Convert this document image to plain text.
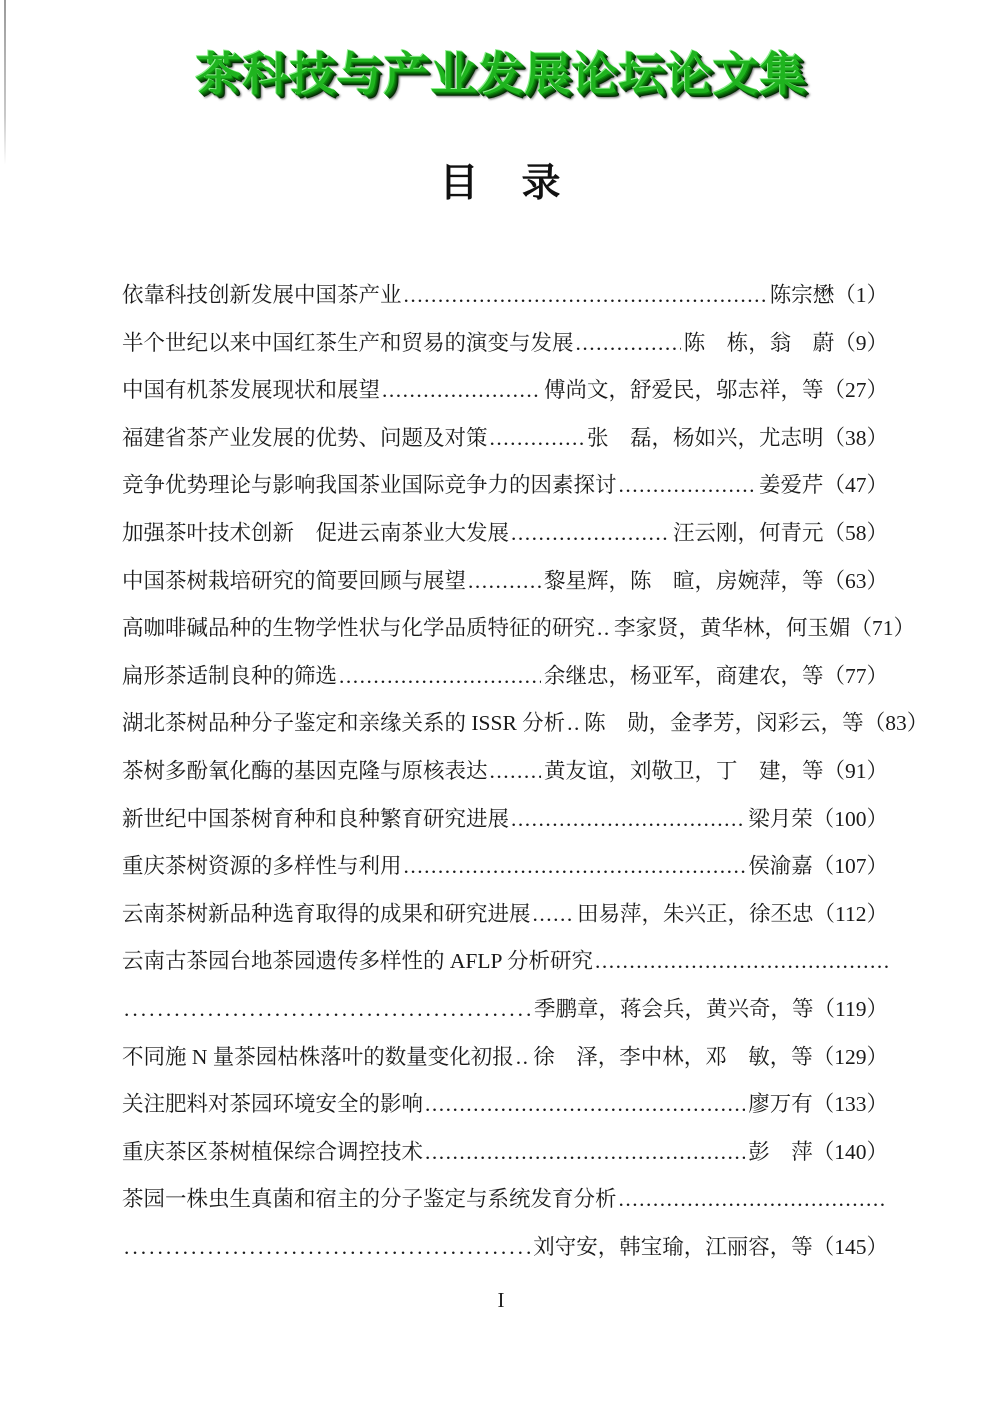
茶科技与产业发展论坛论文集
目　录
依靠科技创新发展中国茶产业 .....	陈宗懋 （1）
半个世纪以来中国红茶生产和贸易的演变与发展 .....	陈　栋，翁　蔚 （9）
中国有机茶发展现状和展望 .....	傅尚文，舒爱民，邬志祥，等 （27）
福建省茶产业发展的优势、问题及对策 .....	张　磊，杨如兴，尤志明 （38）
竞争优势理论与影响我国茶业国际竞争力的因素探讨 .....	姜爱芹 （47）
加强茶叶技术创新　促进云南茶业大发展 .....	汪云刚，何青元 （58）
中国茶树栽培研究的简要回顾与展望 .....	黎星辉，陈　暄，房婉萍，等 （63）
高咖啡碱品种的生物学性状与化学品质特征的研究 ..... 李家贤，黄华林，何玉媚 （71）
扁形茶适制良种的筛选 .....	余继忠，杨亚军，商建农，等 （77）
湖北茶树品种分子鉴定和亲缘关系的 ISSR 分析 ..... 陈　勋，金孝芳，闵彩云，等 （83）
茶树多酚氧化酶的基因克隆与原核表达 .....	黄友谊，刘敬卫，丁　建，等 （91）
新世纪中国茶树育种和良种繁育研究进展 .....	梁月荣 （100）
重庆茶树资源的多样性与利用 .....	侯渝嘉 （107）
云南茶树新品种选育取得的成果和研究进展 ..... 田易萍，朱兴正，徐丕忠 （112）
云南古茶园台地茶园遗传多样性的 AFLP 分析研究
.....
.....
季鹏章，蒋会兵，黄兴奇，等 （119）
不同施 N 量茶园枯株落叶的数量变化初报 ..... 徐　泽，李中林，邓　敏，等 （129）
关注肥料对茶园环境安全的影响 .....	廖万有 （133）
重庆茶区茶树植保综合调控技术 .....	彭　萍 （140）
茶园一株虫生真菌和宿主的分子鉴定与系统发育分析
.....
.....
刘守安，韩宝瑜，江丽容，等 （145）
I
